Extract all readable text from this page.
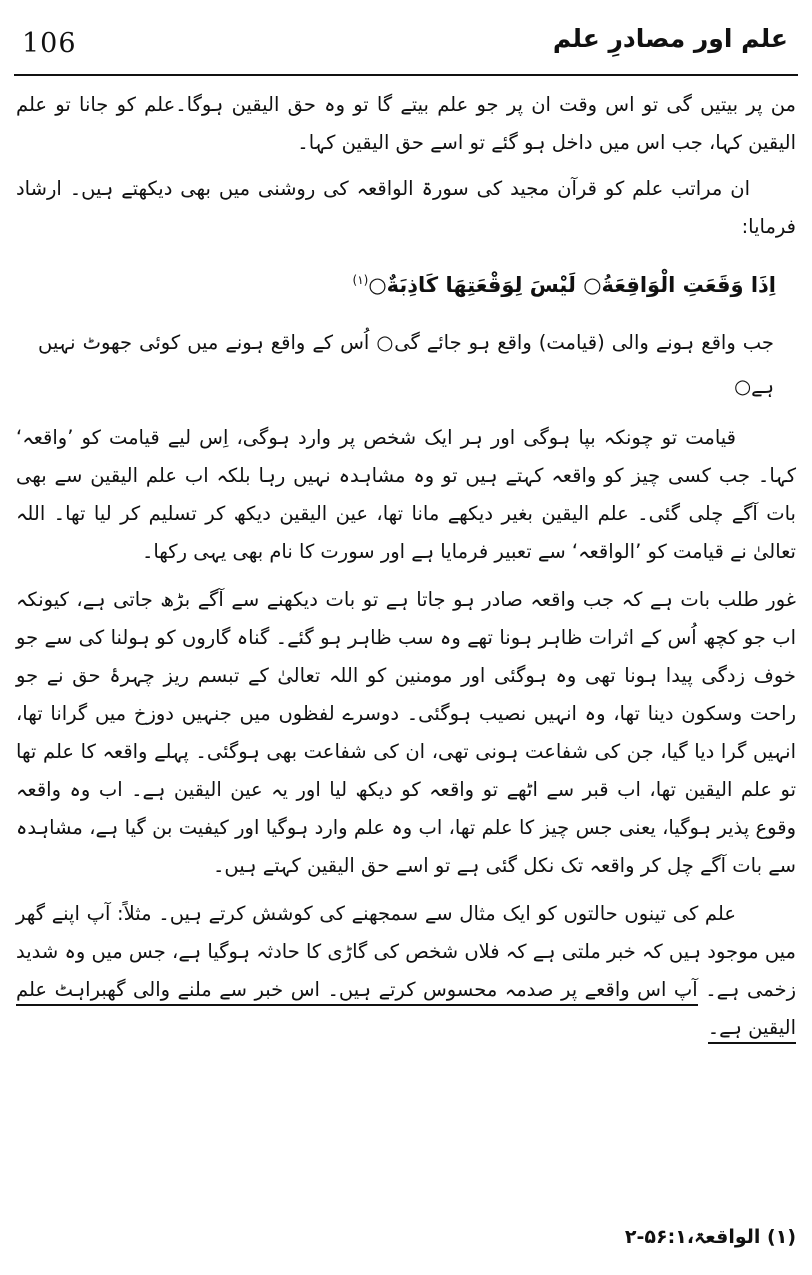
106	علم اور مصادرِ علم

من پر بیتیں گی تو اس وقت ان پر جو علم بیتے گا تو وہ حق الیقین ہوگا۔علم کو جانا تو علم الیقین کہا، جب اس میں داخل ہو گئے تو اسے حق الیقین کہا۔

ان مراتب علم کو قرآن مجید کی سورۃ الواقعہ کی روشنی میں بھی دیکھتے ہیں۔ ارشاد فرمایا:

اِذَا وَقَعَتِ الْوَاقِعَةُ○ لَيْسَ لِوَقْعَتِهَا كَاذِبَةٌ○$^{(۱)}$

جب واقع ہونے والی (قیامت) واقع ہو جائے گی○ اُس کے واقع ہونے میں کوئی جھوٹ نہیں ہے○

قیامت تو چونکہ بپا ہوگی اور ہر ایک شخص پر وارد ہوگی، اِس لیے قیامت کو ’واقعہ‘ کہا۔ جب کسی چیز کو واقعہ کہتے ہیں تو وہ مشاہدہ نہیں رہا بلکہ اب علم الیقین سے بھی بات آگے چلی گئی۔ علم الیقین بغیر دیکھے مانا تھا، عین الیقین دیکھ کر تسلیم کر لیا تھا۔ اللہ تعالیٰ نے قیامت کو ’الواقعہ‘ سے تعبیر فرمایا ہے اور سورت کا نام بھی یہی رکھا۔

غور طلب بات ہے کہ جب واقعہ صادر ہو جاتا ہے تو بات دیکھنے سے آگے بڑھ جاتی ہے، کیونکہ اب جو کچھ اُس کے اثرات ظاہر ہونا تھے وہ سب ظاہر ہو گئے۔ گناہ گاروں کو ہولنا کی سے جو خوف زدگی پیدا ہونا تھی وہ ہوگئی اور مومنین کو اللہ تعالیٰ کے تبسم ریز چہرۂ حق نے جو راحت وسکون دینا تھا، وہ انہیں نصیب ہوگئی۔ دوسرے لفظوں میں جنہیں دوزخ میں گرانا تھا، انہیں گرا دیا گیا، جن کی شفاعت ہونی تھی، ان کی شفاعت بھی ہوگئی۔ پہلے واقعہ کا علم تھا تو علم الیقین تھا، اب قبر سے اٹھے تو واقعہ کو دیکھ لیا اور یہ عین الیقین ہے۔ اب وہ واقعہ وقوع پذیر ہوگیا، یعنی جس چیز کا علم تھا، اب وہ علم وارد ہوگیا اور کیفیت بن گیا ہے، مشاہدہ سے بات آگے چل کر واقعہ تک نکل گئی ہے تو اسے حق الیقین کہتے ہیں۔

علم کی تینوں حالتوں کو ایک مثال سے سمجھنے کی کوشش کرتے ہیں۔ مثلاً: آپ اپنے گھر میں موجود ہیں کہ خبر ملتی ہے کہ فلاں شخص کی گاڑی کا حادثہ ہوگیا ہے، جس میں وہ شدید زخمی ہے۔ آپ اس واقعے پر صدمہ محسوس کرتے ہیں۔ اس خبر سے ملنے والی گھبراہٹ علم الیقین ہے۔

(۱) الواقعۃ،۵۶:۱-۲
